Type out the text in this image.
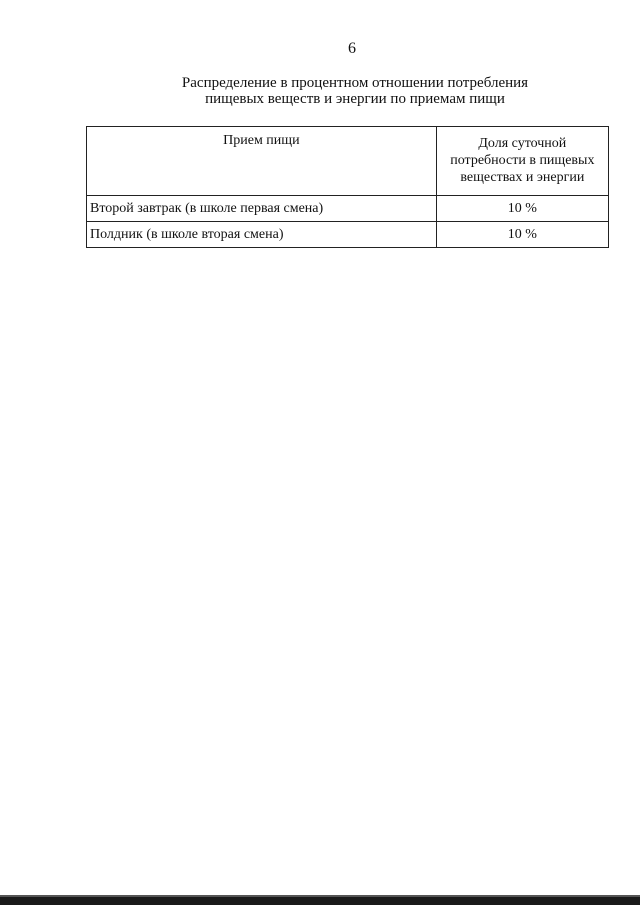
6
Распределение в процентном отношении потребления
пищевых веществ и энергии по приемам пищи
Прием пищи	Доля суточной потребности в пищевых веществах и энергии
Второй завтрак (в школе первая смена)	10 %
Полдник (в школе вторая смена)	10 %
